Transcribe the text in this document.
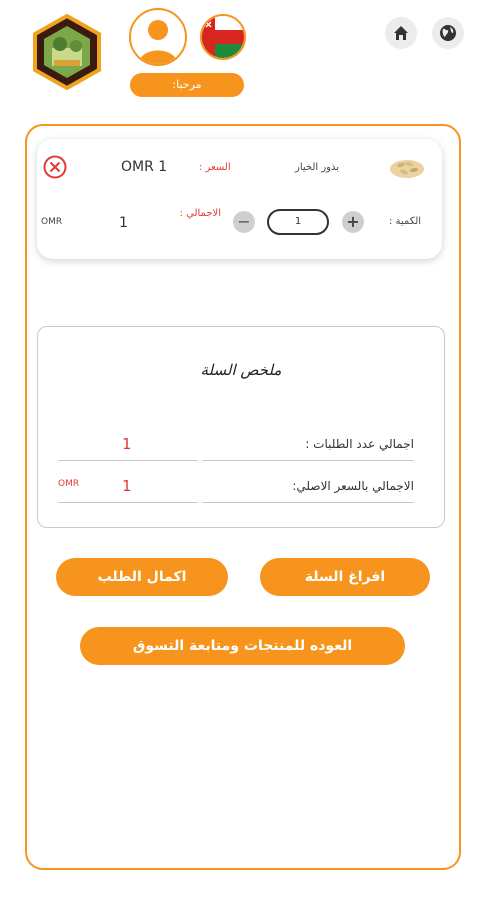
مرحبا:
OMR 1	السعر :	بذور الخيار
OMR	1
الاجمالي : −	1	+	الكمية :
ملخص السلة
اجمالي عدد الطلبات :
1
الاجمالي بالسعر الاصلي:
OMR	1
اكمال الطلب	افراغ السلة
العوده للمنتجات ومتابعة التسوق
